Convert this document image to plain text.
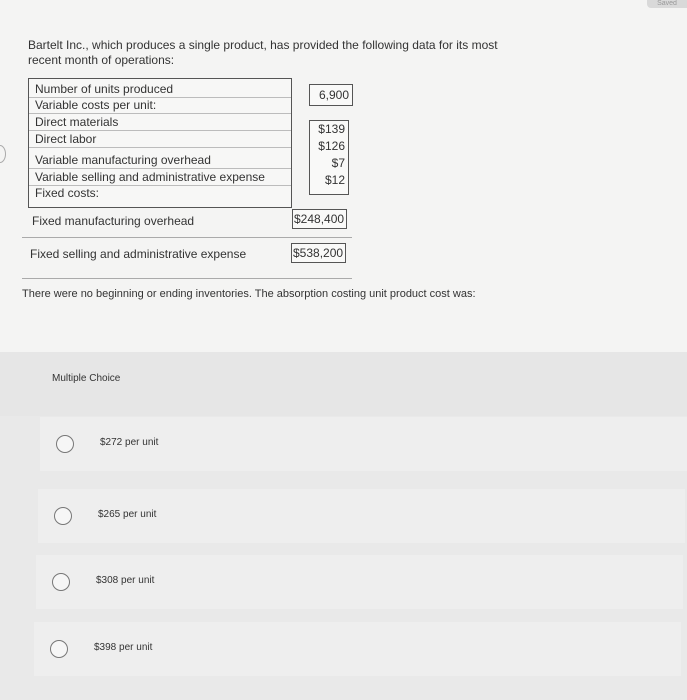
Saved
Bartelt Inc., which produces a single product, has provided the following data for its most recent month of operations:
Number of units produced
Variable costs per unit:
Direct materials
Direct labor
Variable manufacturing overhead
Variable selling and administrative expense
Fixed costs:
6,900
$139
$126
$7
$12
Fixed manufacturing overhead	$248,400
Fixed selling and administrative expense	$538,200
There were no beginning or ending inventories. The absorption costing unit product cost was:
Multiple Choice
$272 per unit
$265 per unit
$308 per unit
$398 per unit
